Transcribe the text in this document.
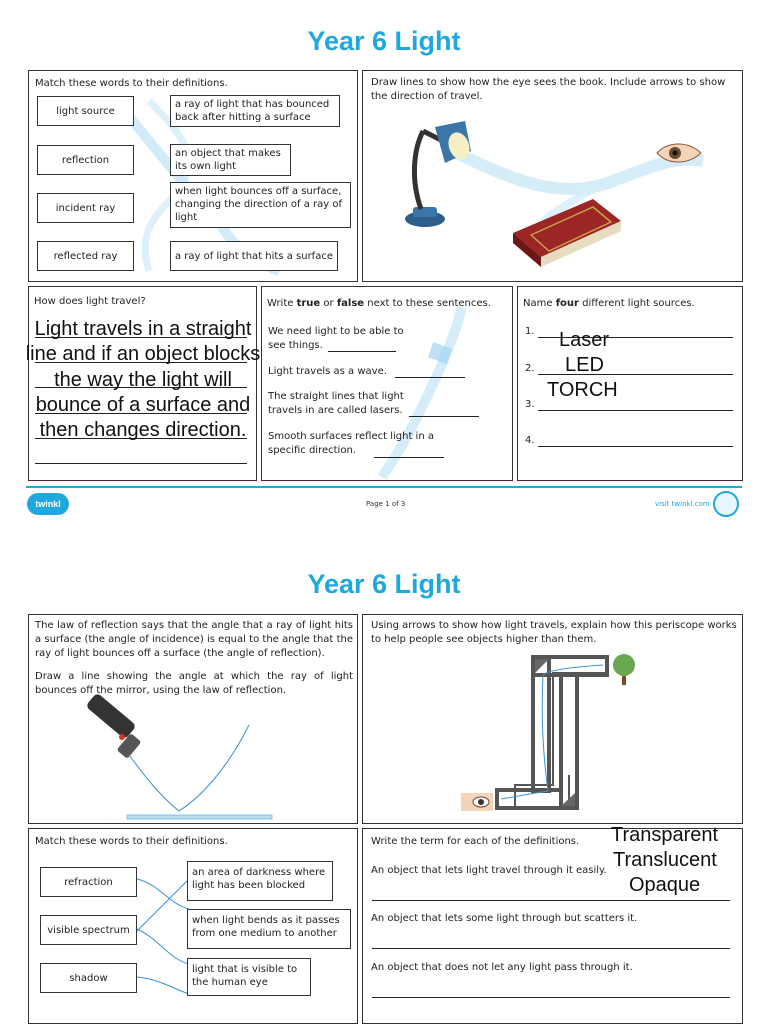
Year 6 Light
Match these words to their definitions.
light source
reflection
incident ray
reflected ray
a ray of light that has bounced back after hitting a surface
an object that makes its own light
when light bounces off a surface, changing the direction of a ray of light
a ray of light that hits a surface
Draw lines to show how the eye sees the book. Include arrows to show the direction of travel.
How does light travel?
Light travels in a straight line and if an object blocks the way the light will bounce of a surface and then changes direction.
Write true or false next to these sentences.
We need light to be able to see things.
Light travels as a wave.
The straight lines that light travels in are called lasers.
Smooth surfaces reflect light in a specific direction.
Name four different light sources.
1.
2.
3.
4.
Laser
LED
TORCH
twinkl	Page 1 of 3	visit twinkl.com
Year 6 Light
The law of reflection says that the angle that a ray of light hits a surface (the angle of incidence) is equal to the angle that the ray of light bounces off a surface (the angle of reflection).
Draw a line showing the angle at which the ray of light bounces off the mirror, using the law of reflection.
Using arrows to show how light travels, explain how this periscope works to help people see objects higher than them.
Match these words to their definitions.
refraction
visible spectrum
shadow
an area of darkness where light has been blocked
when light bends as it passes from one medium to another
light that is visible to the human eye
Write the term for each of the definitions.
An object that lets light travel through it easily.
An object that lets some light through but scatters it.
An object that does not let any light pass through it.
Transparent
Translucent
Opaque
